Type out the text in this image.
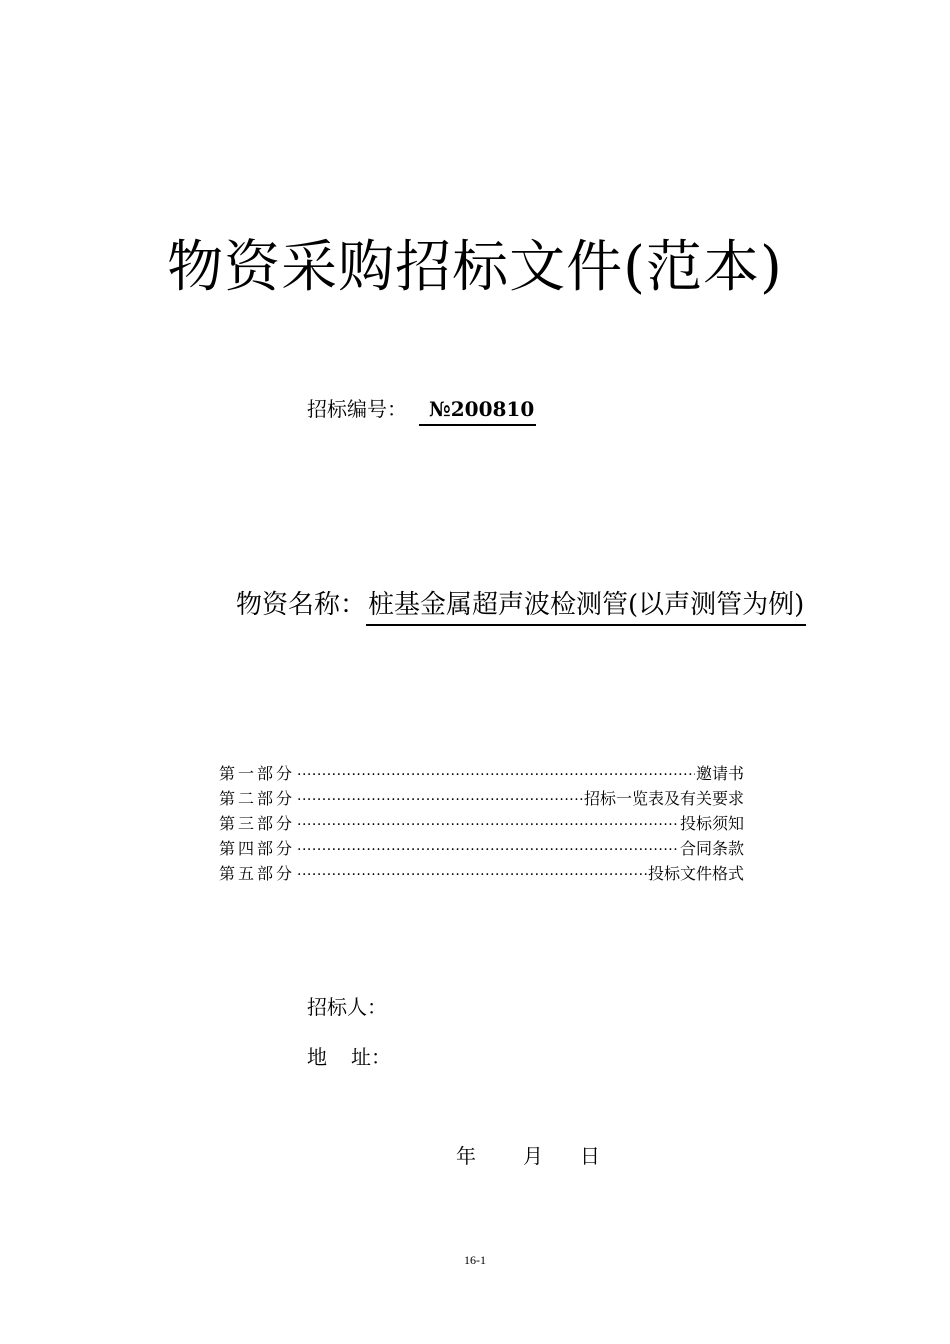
物资采购招标文件(范本)
招标编号： №200810
物资名称：桩基金属超声波检测管(以声测管为例)
第一部分 ·····	邀请书
第二部分 ·····	招标一览表及有关要求
第三部分 ·····	投标须知
第四部分 ·····	合同条款
第五部分 ·····	投标文件格式
招标人：
地 址：
年 月 日
16-1
